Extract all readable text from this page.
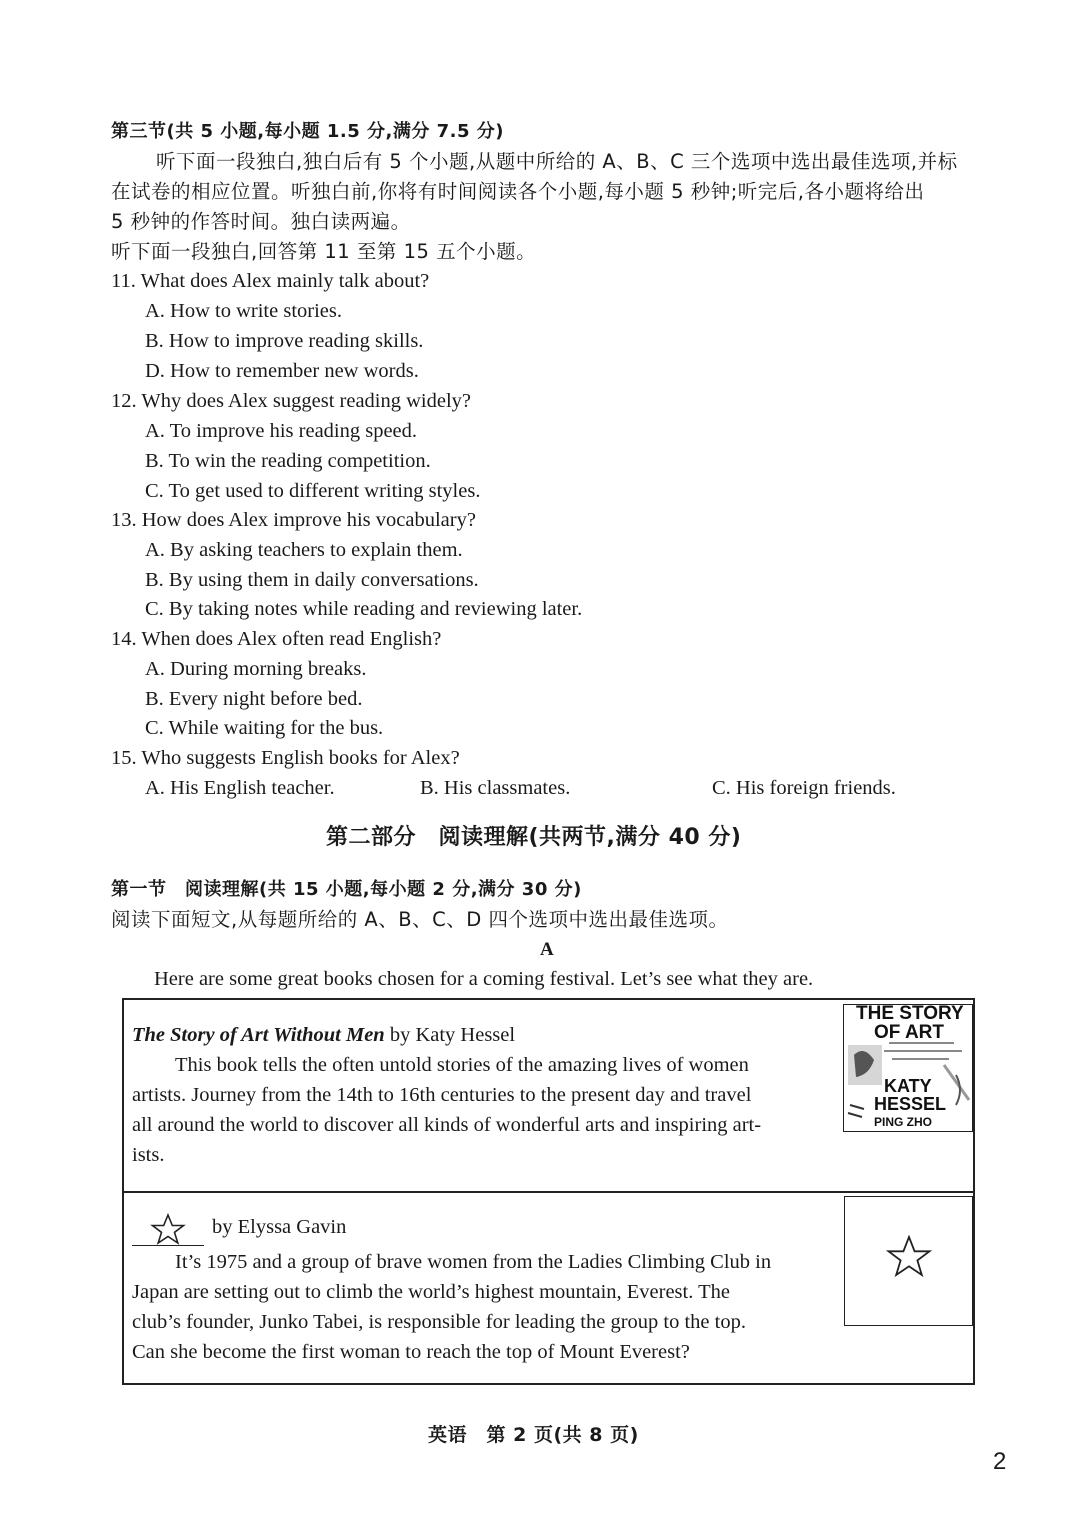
第三节(共 5 小题,每小题 1.5 分,满分 7.5 分)
听下面一段独白,独白后有 5 个小题,从题中所给的 A、B、C 三个选项中选出最佳选项,并标
在试卷的相应位置。听独白前,你将有时间阅读各个小题,每小题 5 秒钟;听完后,各小题将给出
5 秒钟的作答时间。独白读两遍。
听下面一段独白,回答第 11 至第 15 五个小题。
11. What does Alex mainly talk about?
A. How to write stories.
B. How to improve reading skills.
D. How to remember new words.
12. Why does Alex suggest reading widely?
A. To improve his reading speed.
B. To win the reading competition.
C. To get used to different writing styles.
13. How does Alex improve his vocabulary?
A. By asking teachers to explain them.
B. By using them in daily conversations.
C. By taking notes while reading and reviewing later.
14. When does Alex often read English?
A. During morning breaks.
B. Every night before bed.
C. While waiting for the bus.
15. Who suggests English books for Alex?
A. His English teacher.	B. His classmates.	C. His foreign friends.
第二部分　阅读理解(共两节,满分 40 分)
第一节　阅读理解(共 15 小题,每小题 2 分,满分 30 分)
阅读下面短文,从每题所给的 A、B、C、D 四个选项中选出最佳选项。
A
Here are some great books chosen for a coming festival. Let’s see what they are.
The Story of Art Without Men by Katy Hessel
This book tells the often untold stories of the amazing lives of women
artists. Journey from the 14th to 16th centuries to the present day and travel
all around the world to discover all kinds of wonderful arts and inspiring art-
ists.
THE STORY
OF ART
KATY
HESSEL
PING ZHO
by Elyssa Gavin
It’s 1975 and a group of brave women from the Ladies Climbing Club in
Japan are setting out to climb the world’s highest mountain, Everest. The
club’s founder, Junko Tabei, is responsible for leading the group to the top.
Can she become the first woman to reach the top of Mount Everest?
英语　第 2 页(共 8 页)
2
